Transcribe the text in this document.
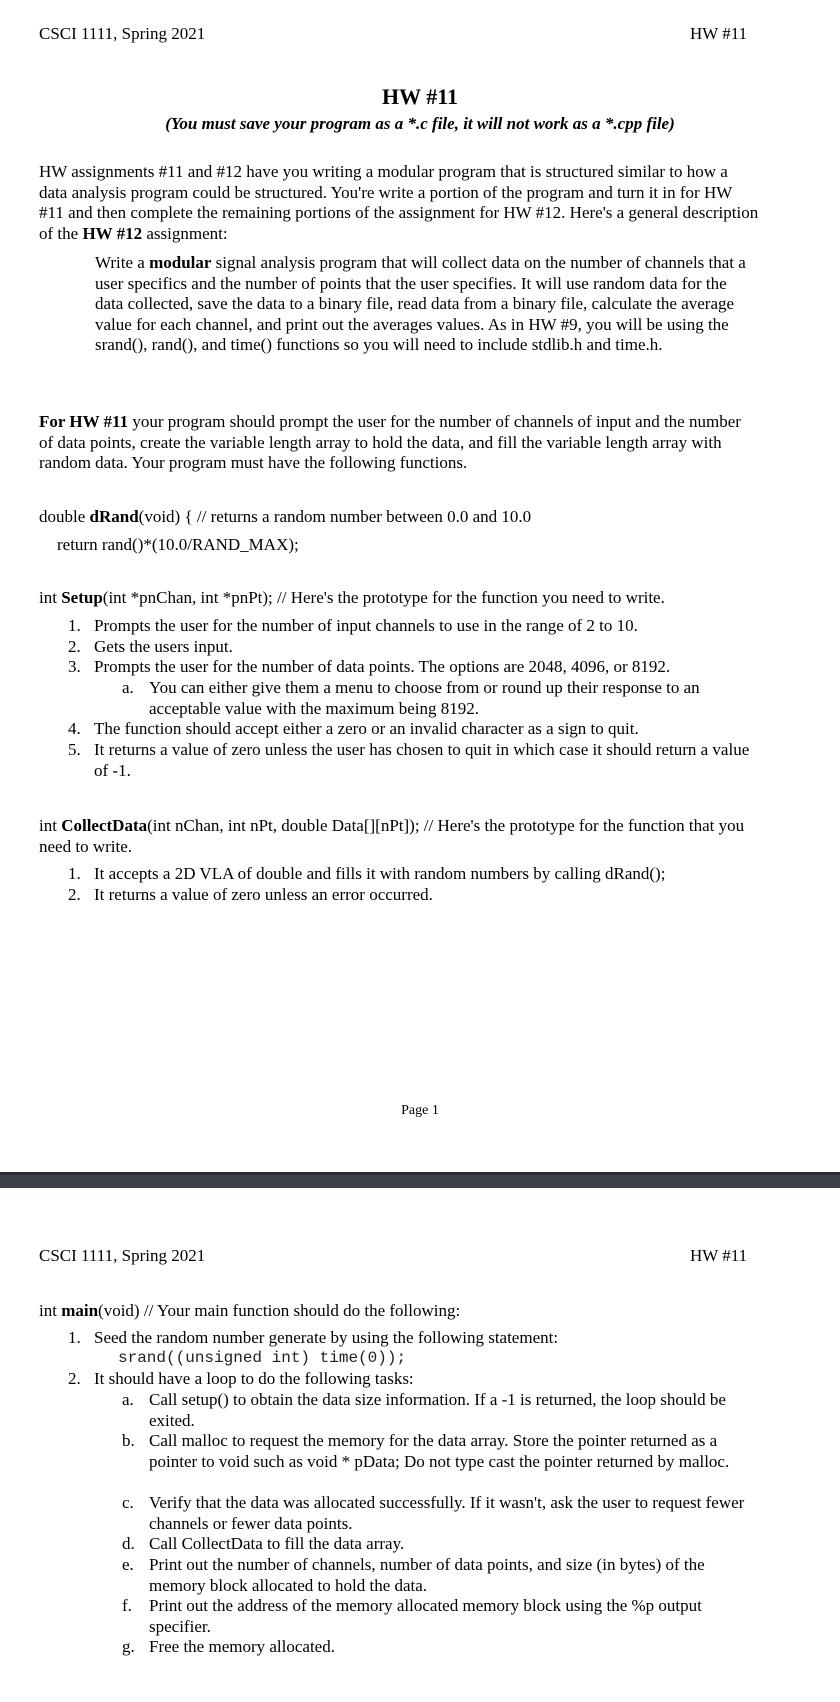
CSCI 1111, Spring 2021	HW #11
HW #11
(You must save your program as a *.c file, it will not work as a *.cpp file)

HW assignments #11 and #12 have you writing a modular program that is structured similar to how a data analysis program could be structured. You're write a portion of the program and turn it in for HW #11 and then complete the remaining portions of the assignment for HW #12. Here's a general description of the HW #12 assignment:

Write a modular signal analysis program that will collect data on the number of channels that a user specifics and the number of points that the user specifies. It will use random data for the data collected, save the data to a binary file, read data from a binary file, calculate the average value for each channel, and print out the averages values. As in HW #9, you will be using the srand(), rand(), and time() functions so you will need to include stdlib.h and time.h.

For HW #11 your program should prompt the user for the number of channels of input and the number of data points, create the variable length array to hold the data, and fill the variable length array with random data. Your program must have the following functions.

double dRand(void) { // returns a random number between 0.0 and 10.0
return rand()*(10.0/RAND_MAX);
int Setup(int *pnChan, int *pnPt); // Here's the prototype for the function you need to write.
1. Prompts the user for the number of input channels to use in the range of 2 to 10.
2. Gets the users input.
3. Prompts the user for the number of data points. The options are 2048, 4096, or 8192.
a. You can either give them a menu to choose from or round up their response to an acceptable value with the maximum being 8192.
4. The function should accept either a zero or an invalid character as a sign to quit.
5. It returns a value of zero unless the user has chosen to quit in which case it should return a value of -1.

int CollectData(int nChan, int nPt, double Data[][nPt]); // Here's the prototype for the function that you need to write.

1. It accepts a 2D VLA of double and fills it with random numbers by calling dRand();
2. It returns a value of zero unless an error occurred.
Page 1
CSCI 1111, Spring 2021	HW #11
int main(void) // Your main function should do the following:
1. Seed the random number generate by using the following statement:
2. It should have a loop to do the following tasks:
srand((unsigned int) time(0));
a. Call setup() to obtain the data size information. If a -1 is returned, the loop should be exited.
b. Call malloc to request the memory for the data array. Store the pointer returned as a pointer to void such as void * pData; Do not type cast the pointer returned by malloc.
c. Verify that the data was allocated successfully. If it wasn't, ask the user to request fewer channels or fewer data points.
d. Call CollectData to fill the data array.
e. Print out the number of channels, number of data points, and size (in bytes) of the memory block allocated to hold the data.
f. Print out the address of the memory allocated memory block using the %p output specifier.
g. Free the memory allocated.
